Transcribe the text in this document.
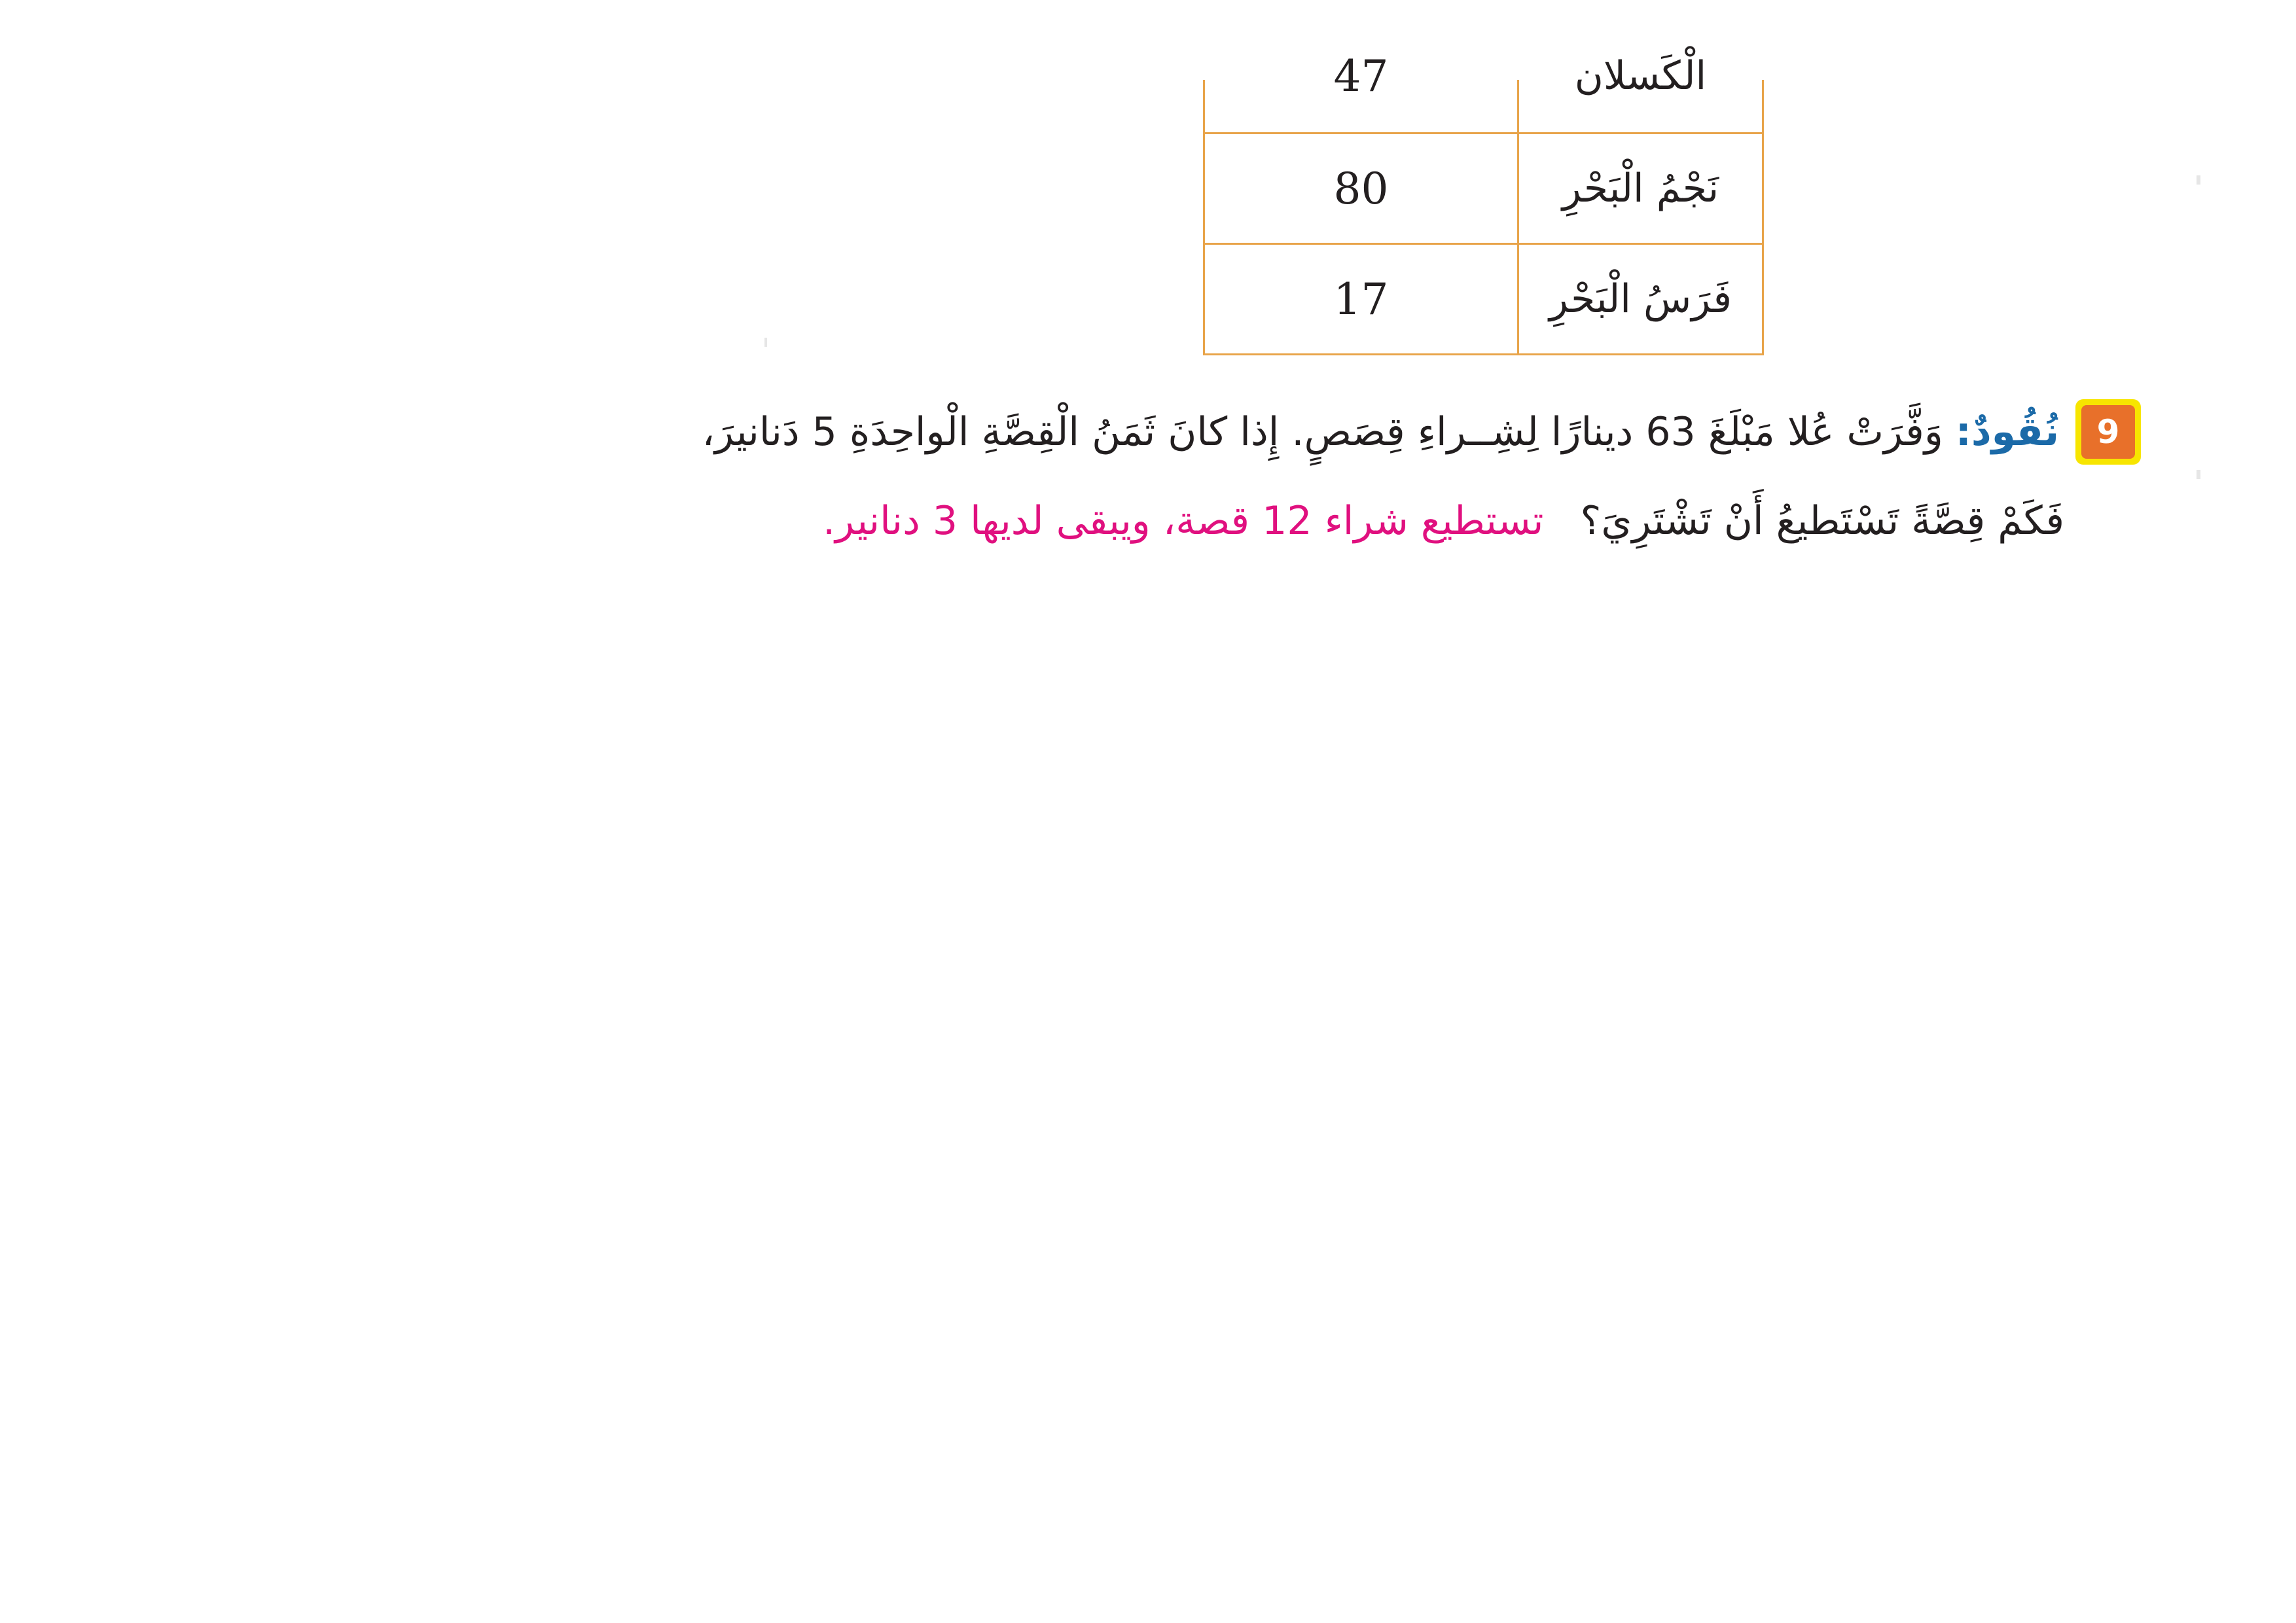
47	الْكَسلان

80	نَجْمُ الْبَحْرِ
17	فَرَسُ الْبَحْرِ
9
نُقُودٌ: وَفَّرَتْ عُلا مَبْلَغَ 63 دينارًا لِشِــراءِ قِصَصٍ. إِذا كانَ ثَمَنُ الْقِصَّةِ الْواحِدَةِ 5 دَنانيرَ،
فَكَمْ قِصَّةً تَسْتَطيعُ أَنْ تَشْتَرِيَ؟تستطيع شراء 12 قصة، ويبقى لديها 3 دنانير.
